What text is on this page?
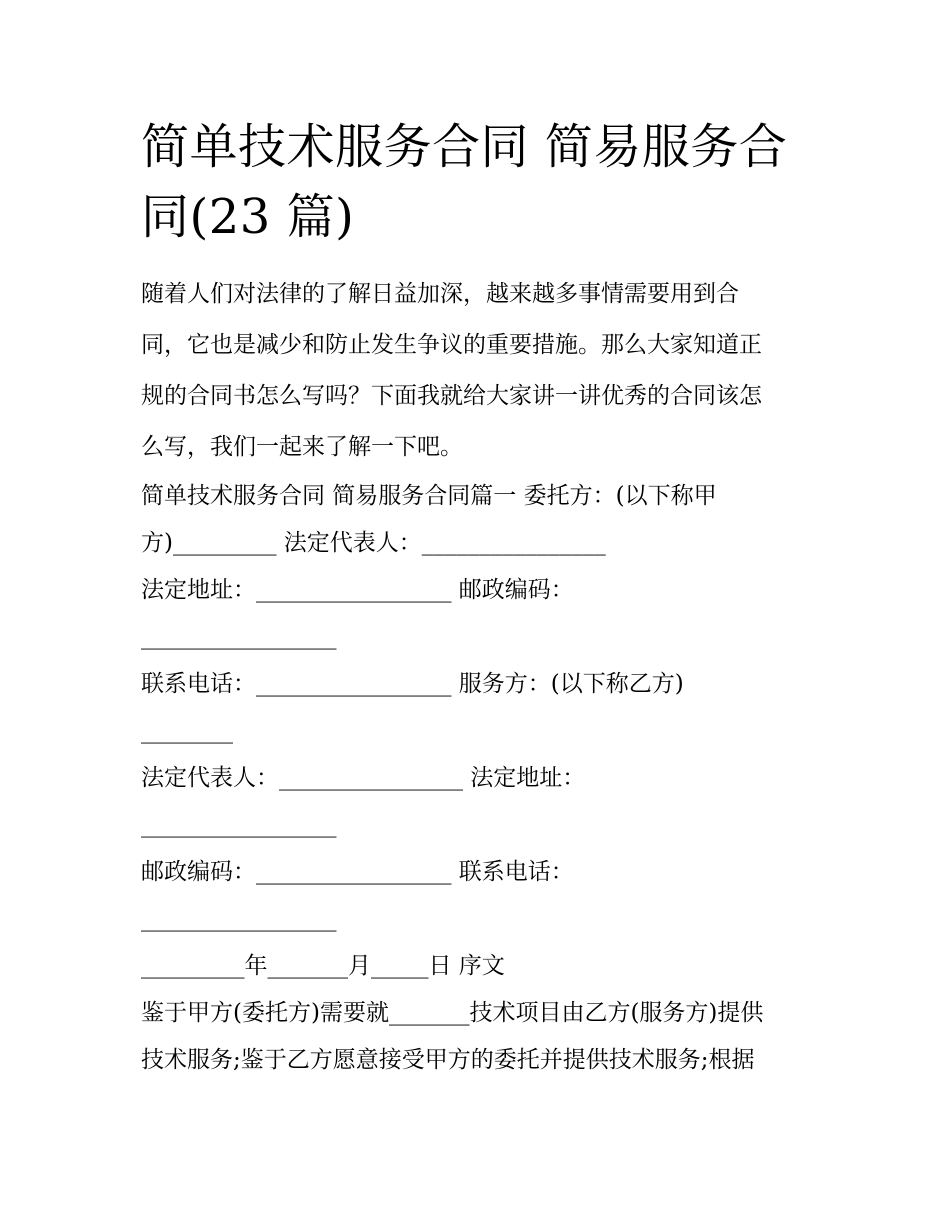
简单技术服务合同 简易服务合
同(23 篇)
随着人们对法律的了解日益加深，越来越多事情需要用到合
同，它也是减少和防止发生争议的重要措施。那么大家知道正
规的合同书怎么写吗？下面我就给大家讲一讲优秀的合同该怎
么写，我们一起来了解一下吧。
简单技术服务合同 简易服务合同篇一 委托方：(以下称甲
方)_________ 法定代表人：________________
法定地址：_________________ 邮政编码：
_________________
联系电话：_________________ 服务方：(以下称乙方)
________
法定代表人：________________ 法定地址：
_________________
邮政编码：_________________ 联系电话：
_________________
_________年_______月_____日 序文
鉴于甲方(委托方)需要就_______技术项目由乙方(服务方)提供
技术服务;鉴于乙方愿意接受甲方的委托并提供技术服务;根据
